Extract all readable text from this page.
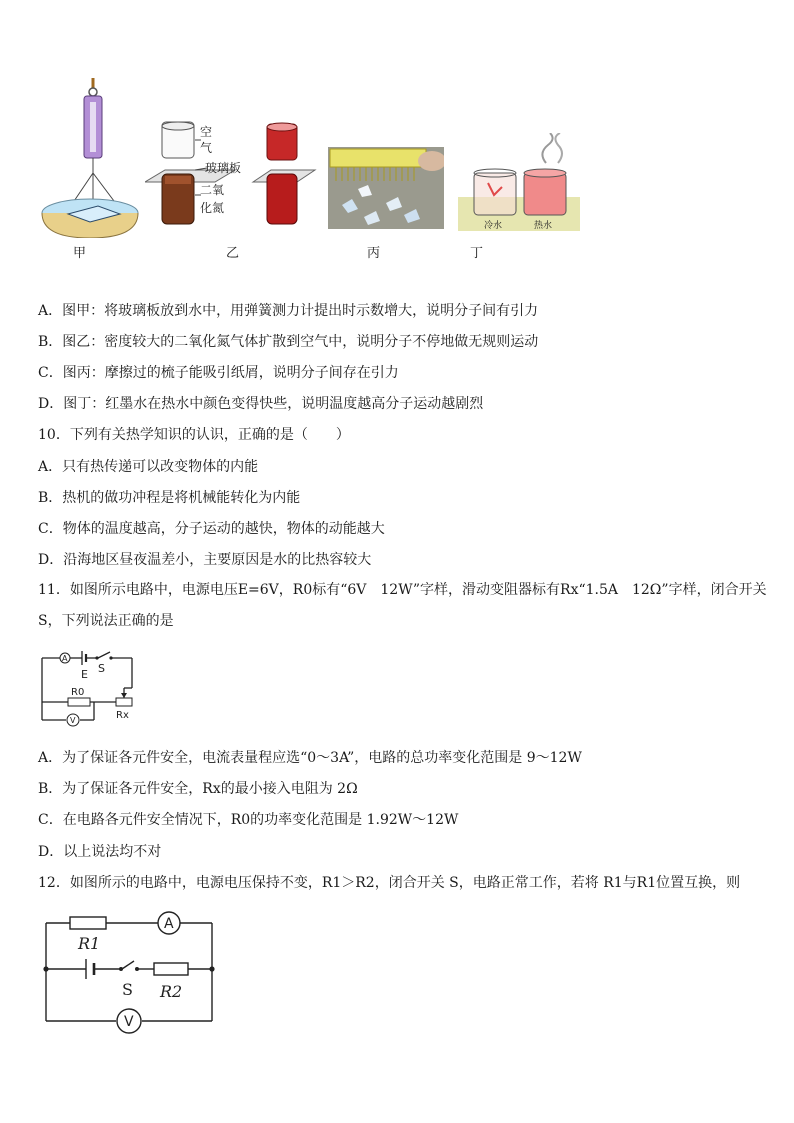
甲
空
气
玻璃板
二氧
化氮
乙	丙
冷水	热水
丁
A．图甲：将玻璃板放到水中，用弹簧测力计提出时示数增大，说明分子间有引力
B．图乙：密度较大的二氧化氮气体扩散到空气中，说明分子不停地做无规则运动
C．图丙：摩擦过的梳子能吸引纸屑，说明分子间存在引力
D．图丁：红墨水在热水中颜色变得快些，说明温度越高分子运动越剧烈
10．下列有关热学知识的认识，正确的是（　　）
A．只有热传递可以改变物体的内能
B．热机的做功冲程是将机械能转化为内能
C．物体的温度越高，分子运动的越快，物体的动能越大
D．沿海地区昼夜温差小，主要原因是水的比热容较大
11．如图所示电路中，电源电压E=6V，R0标有“6V　12W”字样，滑动变阻器标有Rx“1.5A　12Ω”字样，闭合开关S，下列说法正确的是
A
E S
R0
Rx
V
A．为了保证各元件安全，电流表量程应选“0～3A”，电路的总功率变化范围是 9～12W
B．为了保证各元件安全，Rx的最小接入电阻为 2Ω
C．在电路各元件安全情况下，R0的功率变化范围是 1.92W～12W
D．以上说法均不对
12．如图所示的电路中，电源电压保持不变，R1＞R2，闭合开关 S，电路正常工作，若将 R1与R1位置互换，则
R1
A
S R2
V
